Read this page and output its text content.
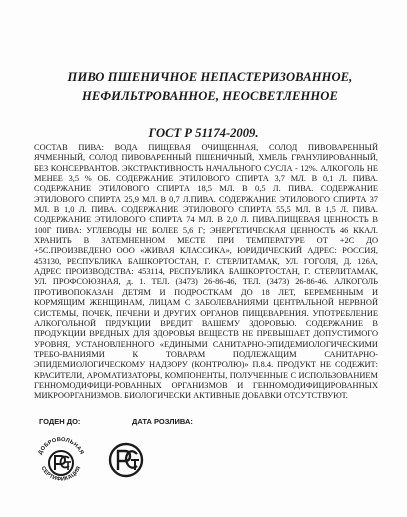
ПИВО ПШЕНИЧНОЕ НЕПАСТЕРИЗОВАННОЕ,
НЕФИЛЬТРОВАННОЕ, НЕОСВЕТЛЕННОЕ
ГОСТ Р 51174-2009.
СОСТАВ ПИВА: ВОДА ПИЩЕВАЯ ОЧИЩЕННАЯ, СОЛОД ПИВОВАРЕННЫЙ ЯЧМЕННЫЙ, СОЛОД ПИВОВАРЕННЫЙ ПШЕНИЧНЫЙ, ХМЕЛЬ ГРАНУЛИРОВАННЫЙ, БЕЗ КОНСЕРВАНТОВ. ЭКСТРАКТИВНОСТЬ НАЧАЛЬНОГО СУСЛА - 12%. АЛКОГОЛЬ НЕ МЕНЕЕ 3,5 % ОБ. СОДЕРЖАНИЕ ЭТИЛОВОГО СПИРТА 3,7 МЛ. В 0,1 Л. ПИВА. СОДЕРЖАНИЕ ЭТИЛОВОГО СПИРТА 18,5 МЛ. В 0,5 Л. ПИВА. СОДЕРЖАНИЕ ЭТИЛОВОГО СПИРТА 25,9 МЛ. В 0,7 Л.ПИВА. СОДЕРЖАНИЕ ЭТИЛОВОГО СПИРТА 37 МЛ. В 1,0 Л. ПИВА. СОДЕРЖАНИЕ ЭТИЛОВОГО СПИРТА 55,5 МЛ. В 1,5 Л. ПИВА. СОДЕРЖАНИЕ ЭТИЛОВОГО СПИРТА 74 МЛ. В 2,0 Л. ПИВА.ПИЩЕВАЯ ЦЕННОСТЬ В 100Г ПИВА: УГЛЕВОДЫ НЕ БОЛЕЕ 5,6 Г; ЭНЕРГЕТИЧЕСКАЯ ЦЕННОСТЬ 46 ККАЛ. ХРАНИТЬ В ЗАТЕМНЕННОМ МЕСТЕ ПРИ ТЕМПЕРАТУРЕ ОТ +2С ДО +5С.ПРОИЗВЕДЕНО ООО «ЖИВАЯ КЛАССИКА», ЮРИДИЧЕСКИЙ АДРЕС: РОССИЯ, 453130, РЕСПУБЛИКА БАШКОРТОСТАН, Г. СТЕРЛИТАМАК, УЛ. ГОГОЛЯ, Д. 126А, АДРЕС ПРОИЗВОДСТВА: 453114, РЕСПУБЛИКА БАШКОРТОСТАН, Г. СТЕРЛИТАМАК, УЛ. ПРОФСОЮЗНАЯ, д. 1. ТЕЛ. (3473) 26-86-46, ТЕЛ. (3473) 26-86-46. АЛКОГОЛЬ ПРОТИВОПОКАЗАН ДЕТЯМ И ПОДРОСТКАМ ДО 18 ЛЕТ, БЕРЕМЕННЫМ И КОРМЯЩИМ ЖЕНЩИНАМ, ЛИЦАМ С ЗАБОЛЕВАНИЯМИ ЦЕНТРАЛЬНОЙ НЕРВНОЙ СИСТЕМЫ, ПОЧЕК, ПЕЧЕНИ И ДРУГИХ ОРГАНОВ ПИЩЕВАРЕНИЯ. УПОТРЕБЛЕНИЕ АЛКОГОЛЬНОЙ ПРДУКЦИИ ВРЕДИТ ВАШЕМУ ЗДОРОВЬЮ. СОДЕРЖАНИЕ В ПРОДУКЦИИ ВРЕДНЫХ ДЛЯ ЗДОРОВЬЯ ВЕЩЕСТВ НЕ ПРЕВЫШАЕТ ДОПУСТИМОГО УРОВНЯ, УСТАНОВЛЕННОГО «ЕДИНЫМИ САНИТАРНО-ЭПИДЕМИОЛОГИЧЕСКИМИ ТРЕБО-ВАНИЯМИ К ТОВАРАМ ПОДЛЕЖАЩИМ САНИТАРНО-ЭПИДЕМИОЛОГИЧЕСКОМУ НАДЗОРУ (КОНТРОЛЮ)» П.8.4. ПРОДУКТ НЕ СОДЕЖИТ: КРАСИТЕЛИ, АРОМАТИЗАТОРЫ, КОМПОНЕНТЫ, ПОЛУЧЕННЫЕ С ИСПОЛЬЗОВАНИЕМ ГЕННОМОДИФИЦИ-РОВАННЫХ ОРГАНИЗМОВ И ГЕННОМОДИФИЦИРОВАННЫХ МИКРООРГАНИЗМОВ. БИОЛОГИЧЕСКИ АКТИВНЫЕ ДОБАВКИ ОТСУТСТВУЮТ.
ГОДЕН ДО:	ДАТА РОЗЛИВА:
ДОБРОВОЛЬНАЯ
СЕРТИФИКАЦИЯ
